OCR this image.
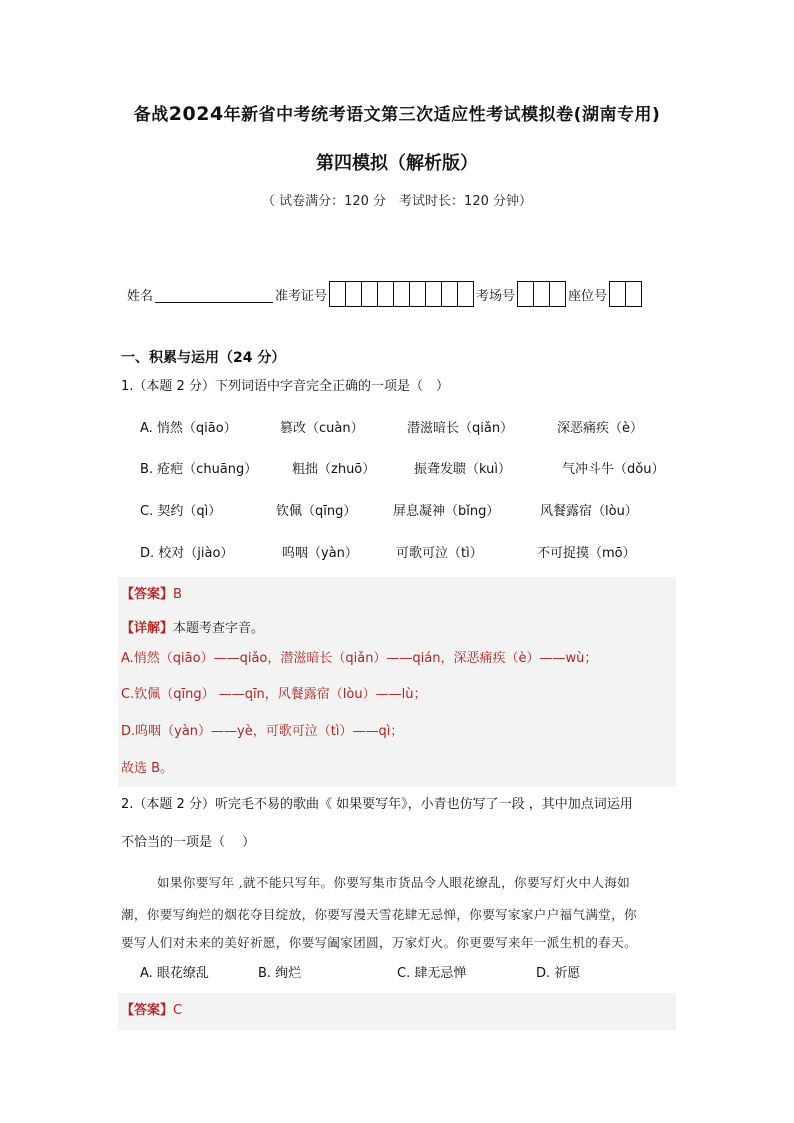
备战2024年新省中考统考语文第三次适应性考试模拟卷(湖南专用)
第四模拟（解析版）
（ 试卷满分：120 分　考试时长：120 分钟）
姓名	准考证号	考场号	座位号
一、积累与运用（24 分）
1.（本题 2 分）下列词语中字音完全正确的一项是（　）
A. 悄然（qiāo）	篡改（cuàn）	潜滋暗长（qiǎn）	深恶痛疾（è）
B. 疮疤（chuāng）	粗拙（zhuō）	振聋发聩（kuì）	气冲斗牛（dǒu）
C. 契约（qì）	钦佩（qīng）	屏息凝神（bǐng）	风餐露宿（lòu）
D. 校对（jiào）	呜咽（yàn）	可歌可泣（tì）	不可捉摸（mō）
【答案】B
【详解】本题考查字音。
A.悄然（qiāo）——qiǎo，潜滋暗长（qiǎn）——qián，深恶痛疾（è）——wù；
C.钦佩（qīng） ——qīn，风餐露宿（lòu）——lù；
D.呜咽（yàn）——yè，可歌可泣（tì）——qì；
故选 B。
2.（本题 2 分）听完毛不易的歌曲《 如果要写年》，小青也仿写了一段 ，其中加点词运用
不恰当的一项是（　 ）
如果你要写年 ,就不能只写年。你要写集市货品令人眼花缭乱，你要写灯火中人海如
潮，你要写绚烂的烟花夺目绽放，你要写漫天雪花肆无忌惮，你要写家家户户福气满堂，你
要写人们对未来的美好祈愿，你要写阖家团圆，万家灯火。你更要写来年一派生机的春天。
A. 眼花缭乱	B. 绚烂	C. 肆无忌惮	D. 祈愿
【答案】C
